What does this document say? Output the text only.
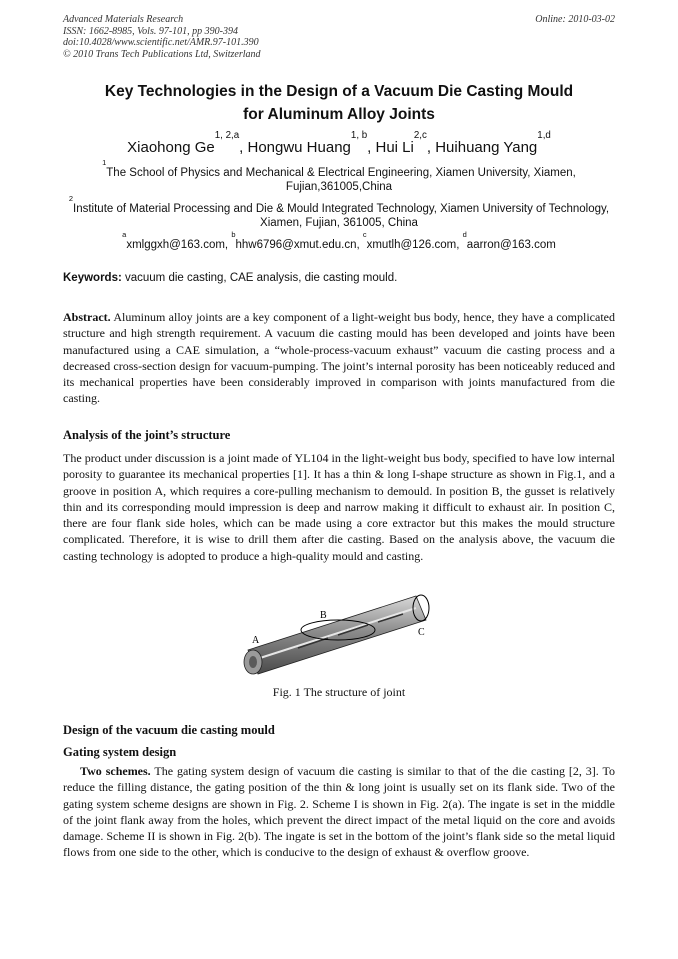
Advanced Materials Research
ISSN: 1662-8985, Vols. 97-101, pp 390-394
doi:10.4028/www.scientific.net/AMR.97-101.390
© 2010 Trans Tech Publications Ltd, Switzerland
Online: 2010-03-02
Key Technologies in the Design of a Vacuum Die Casting Mould
for Aluminum Alloy Joints
Xiaohong Ge$^{1, 2,a}$, Hongwu Huang$^{1, b}$, Hui Li$^{2,c}$, Huihuang Yang$^{1,d}$
$^1$The School of Physics and Mechanical & Electrical Engineering, Xiamen University, Xiamen, Fujian,361005,China
$^2$Institute of Material Processing and Die & Mould Integrated Technology, Xiamen University of Technology, Xiamen, Fujian, 361005, China
$^a$xmlggxh@163.com, $^b$hhw6796@xmut.edu.cn, $^c$xmutlh@126.com, $^d$aarron@163.com
Keywords: vacuum die casting, CAE analysis, die casting mould.
Abstract. Aluminum alloy joints are a key component of a light-weight bus body, hence, they have a complicated structure and high strength requirement. A vacuum die casting mould has been developed and joints have been manufactured using a CAE simulation, a “whole-process-vacuum exhaust” vacuum die casting process and a decreased cross-section design for vacuum-pumping. The joint’s internal porosity has been noticeably reduced and its mechanical properties have been considerably improved in comparison with joints manufactured from die casting.
Analysis of the joint’s structure
The product under discussion is a joint made of YL104 in the light-weight bus body, specified to have low internal porosity to guarantee its mechanical properties [1]. It has a thin & long I-shape structure as shown in Fig.1, and a groove in position A, which requires a core-pulling mechanism to demould. In position B, the gusset is relatively thin and its corresponding mould impression is deep and narrow making it difficult to exhaust air. In position C, there are four flank side holes, which can be made using a core extractor but this makes the mould structure complicated. Therefore, it is wise to drill them after die casting. Based on the analysis above, the vacuum die casting technology is adopted to produce a high-quality mould and casting.
A
B
C
Fig. 1 The structure of joint
Design of the vacuum die casting mould
Gating system design
Two schemes. The gating system design of vacuum die casting is similar to that of the die casting [2, 3]. To reduce the filling distance, the gating position of the thin & long joint is usually set on its flank side. Two of the gating system scheme designs are shown in Fig. 2. Scheme I is shown in Fig. 2(a). The ingate is set in the middle of the joint flank away from the holes, which prevent the direct impact of the metal liquid on the core and avoids damage. Scheme II is shown in Fig. 2(b). The ingate is set in the bottom of the joint’s flank side so the metal liquid flows from one side to the other, which is conducive to the design of exhaust & overflow groove.
